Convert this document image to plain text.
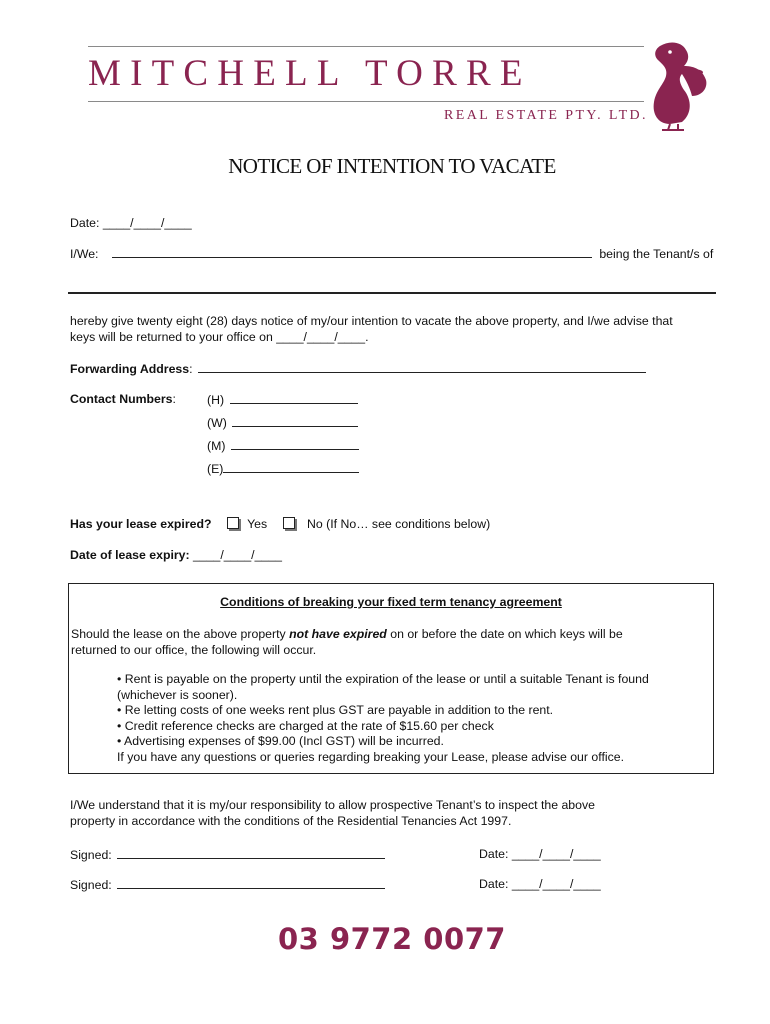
MITCHELL TORRE
REAL ESTATE PTY. LTD.
NOTICE OF INTENTION TO VACATE
Date: ____/____/____
I/We:	being the Tenant/s of
hereby give twenty eight (28) days notice of my/our intention to vacate the above property, and I/we advise that
keys will be returned to your office on ____/____/____.
Forwarding Address:
Contact Numbers:	(H)
(W)
(M)
(E)
Has your lease expired?	Yes	No (If No… see conditions below)
Date of lease expiry: ____/____/____
Conditions of breaking your fixed term tenancy agreement
Should the lease on the above property not have expired on or before the date on which keys will be
returned to our office, the following will occur.
• Rent is payable on the property until the expiration of the lease or until a suitable Tenant is found
(whichever is sooner).
• Re letting costs of one weeks rent plus GST are payable in addition to the rent.
• Credit reference checks are charged at the rate of $15.60 per check
• Advertising expenses of $99.00 (Incl GST) will be incurred.
If you have any questions or queries regarding breaking your Lease, please advise our office.
I/We understand that it is my/our responsibility to allow prospective Tenant’s to inspect the above
property in accordance with the conditions of the Residential Tenancies Act 1997.
Signed:	Date: ____/____/____
Signed:	Date: ____/____/____
03 9772 0077
